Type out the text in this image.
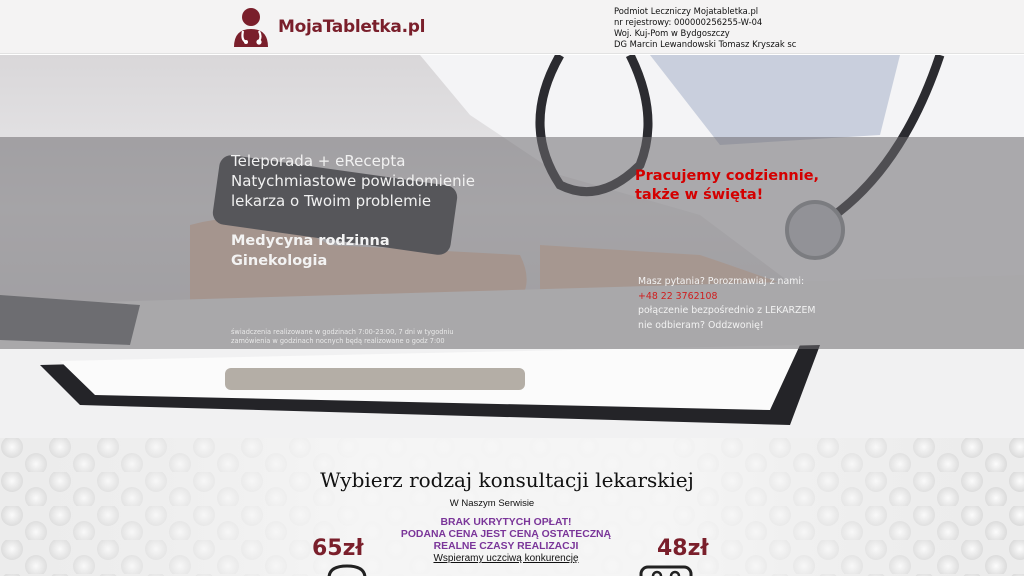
MojaTabletka.pl
Podmiot Leczniczy Mojatabletka.pl
nr rejestrowy: 000000256255-W-04
Woj. Kuj-Pom w Bydgoszczy
DG Marcin Lewandowski Tomasz Kryszak sc
Teleporada + eRecepta
Natychmiastowe powiadomienie
lekarza o Twoim problemie
Medycyna rodzinna
Ginekologia
świadczenia realizowane w godzinach 7:00-23:00, 7 dni w tygodniu
zamówienia w godzinach nocnych będą realizowane o godz 7:00
Pracujemy codziennie,
także w święta!
Masz pytania? Porozmawiaj z nami:
+48 22 3762108
połączenie bezpośrednio z LEKARZEM
nie odbieram? Oddzwonię!
Wybierz rodzaj konsultacji lekarskiej
W Naszym Serwisie
BRAK UKRYTYCH OPŁAT!
PODANA CENA JEST CENĄ OSTATECZNĄ
REALNE CZASY REALIZACJI
Wspieramy uczciwą konkurencję
65zł	48zł
